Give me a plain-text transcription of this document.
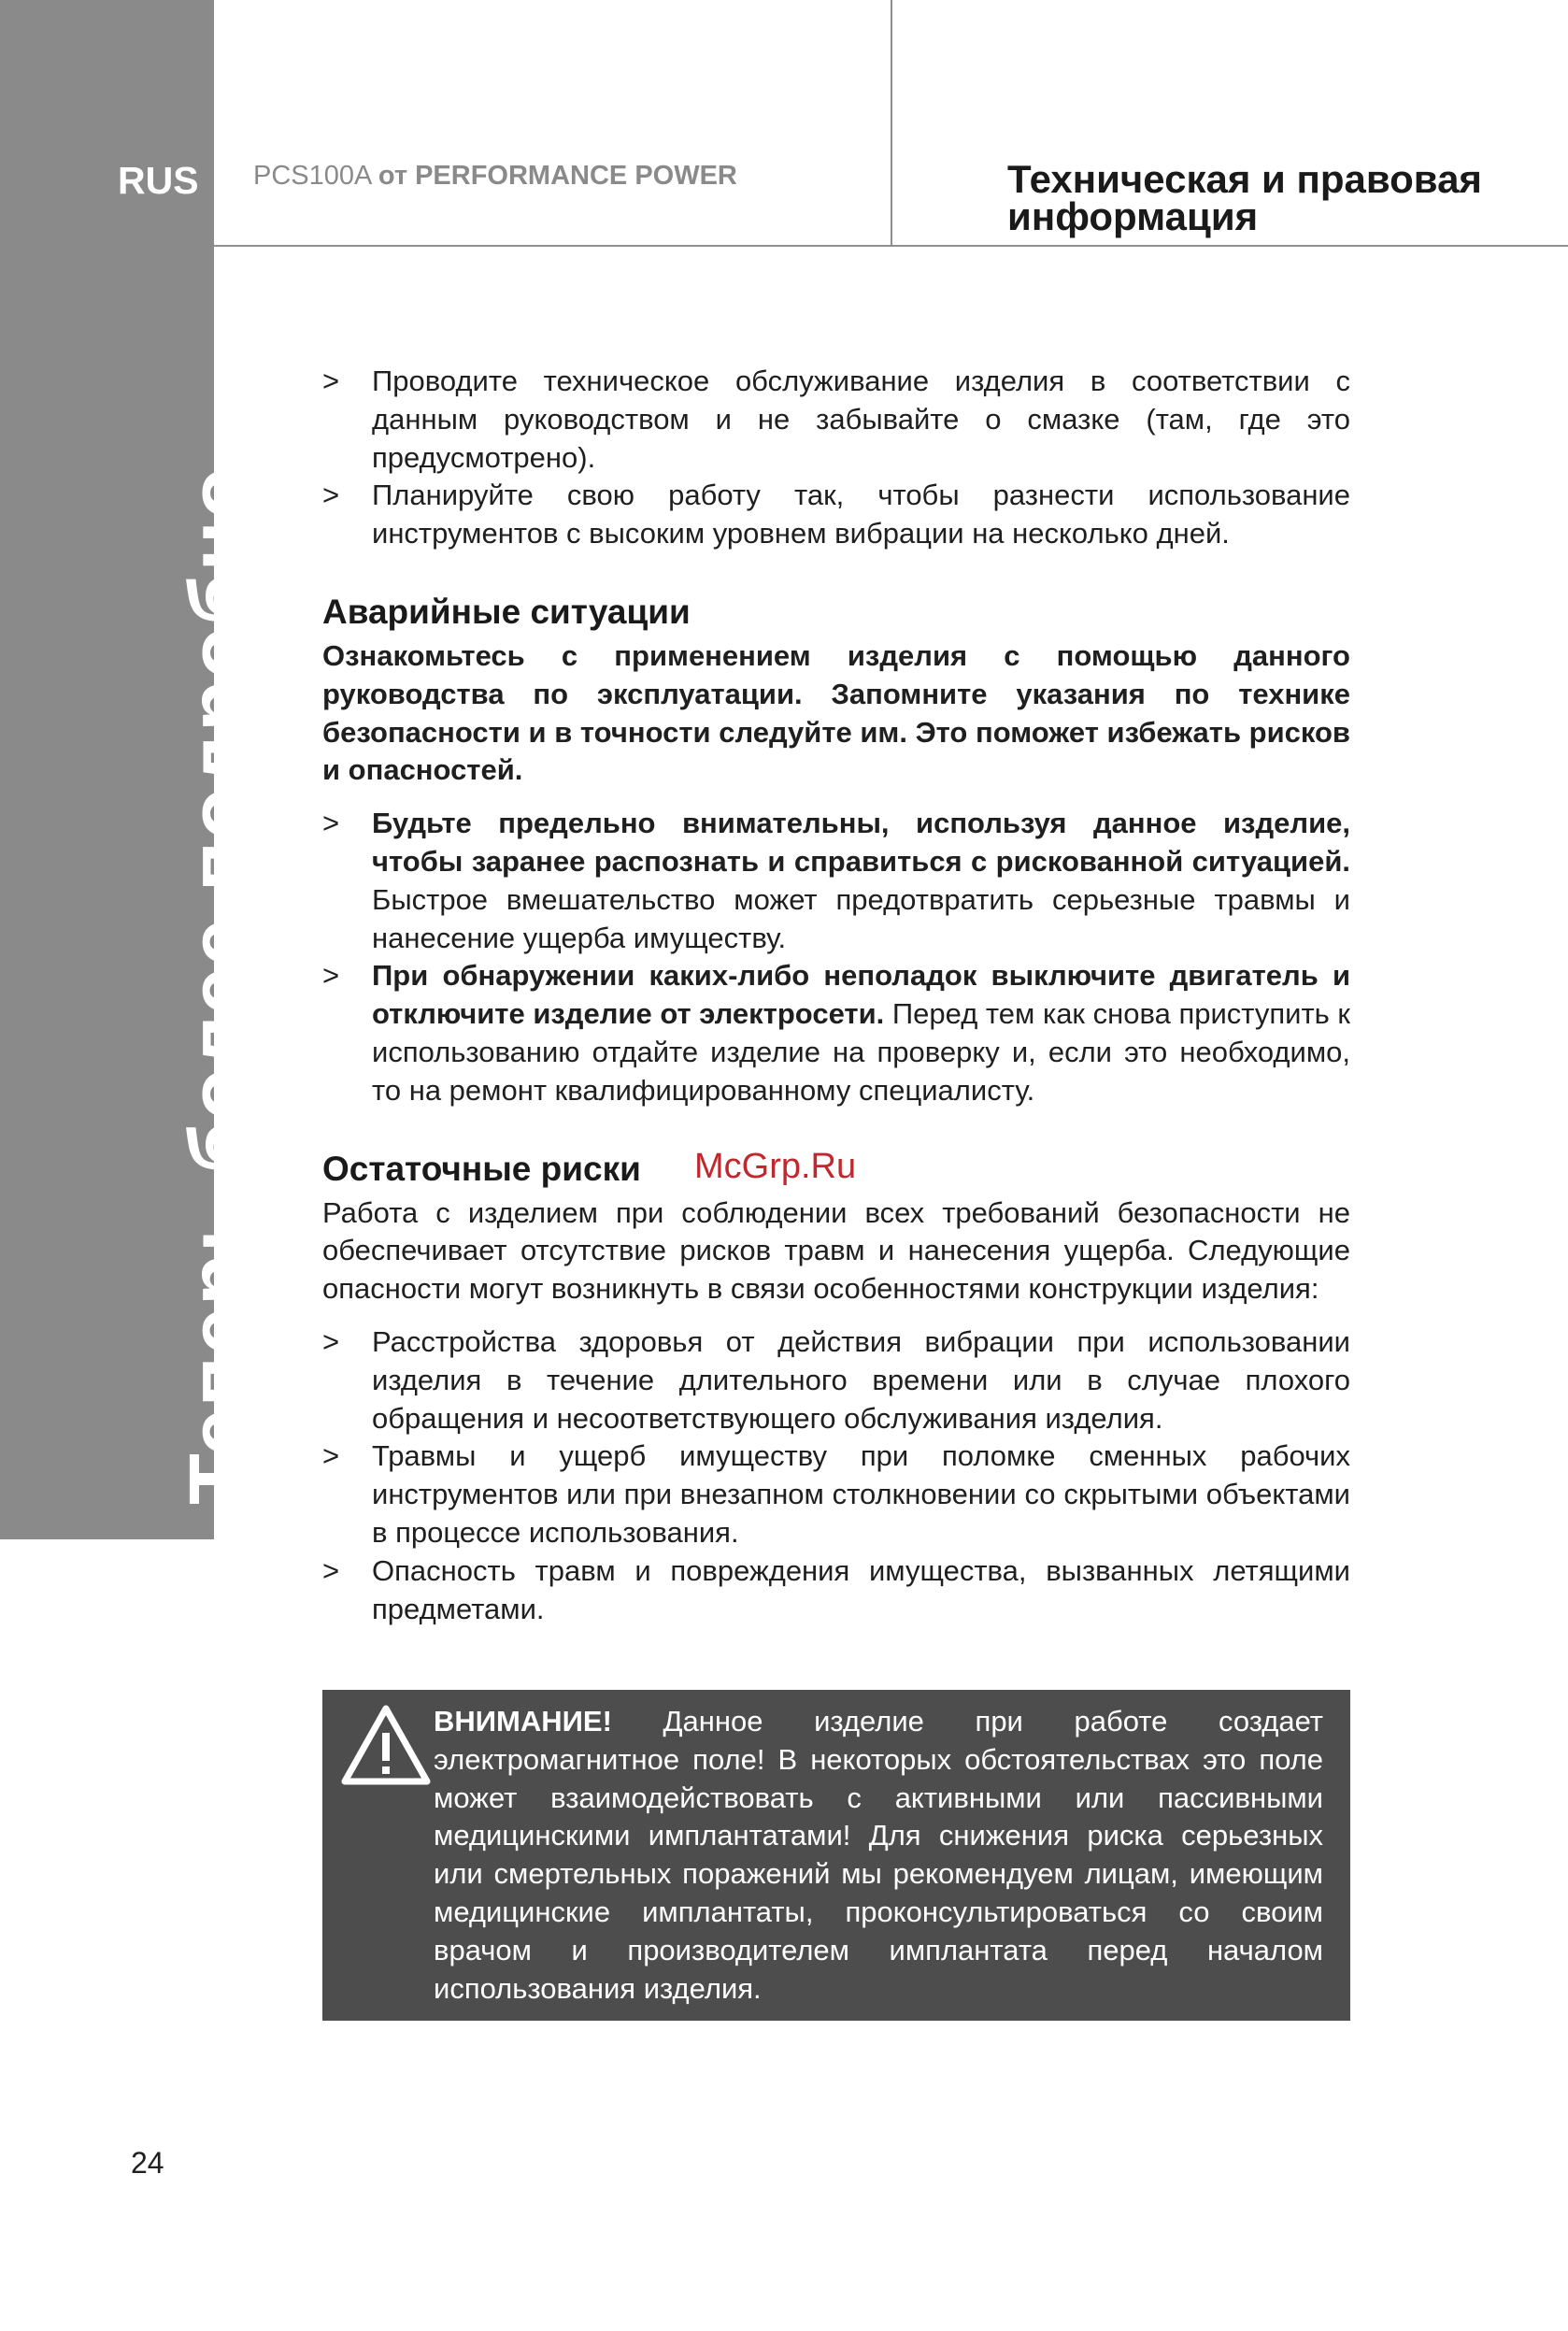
RUS
Теперь более подробно...
PCS100A от PERFORMANCE POWER	Техническая и правовая информация
> Проводите техническое обслуживание изделия в соответствии с данным руководством и не забывайте о смазке (там, где это предусмотрено).
> Планируйте свою работу так, чтобы разнести использование инструментов с высоким уровнем вибрации на несколько дней.
Аварийные ситуации

Ознакомьтесь с применением изделия с помощью данного руководства по эксплуатации. Запомните указания по технике безопасности и в точности следуйте им. Это поможет избежать рисков и опасностей.

> Будьте предельно внимательны, используя данное изделие, чтобы заранее распознать и справиться с рискованной ситуацией. Быстрое вмешательство может предотвратить серьезные травмы и нанесение ущерба имуществу.
> При обнаружении каких-либо неполадок выключите двигатель и отключите изделие от электросети. Перед тем как снова приступить к использованию отдайте изделие на проверку и, если это необходимо, то на ремонт квалифицированному специалисту.
Остаточные риски

Работа с изделием при соблюдении всех требований безопасности не обеспечивает отсутствие рисков травм и нанесения ущерба. Следующие опасности могут возникнуть в связи особенностями конструкции изделия:

> Расстройства здоровья от действия вибрации при использовании изделия в течение длительного времени или в случае плохого обращения и несоответствующего обслуживания изделия.
> Травмы и ущерб имуществу при поломке сменных рабочих инструментов или при внезапном столкновении со скрытыми объектами в процессе использования.
> Опасность травм и повреждения имущества, вызванных летящими предметами.
McGrp.Ru
ВНИМАНИЕ! Данное изделие при работе создает электромагнитное поле! В некоторых обстоятельствах это поле может взаимодействовать с активными или пассивными медицинскими имплантатами! Для снижения риска серьезных или смертельных поражений мы рекомендуем лицам, имеющим медицинские имплантаты, проконсультироваться со своим врачом и производителем имплантата перед началом использования изделия.
24
